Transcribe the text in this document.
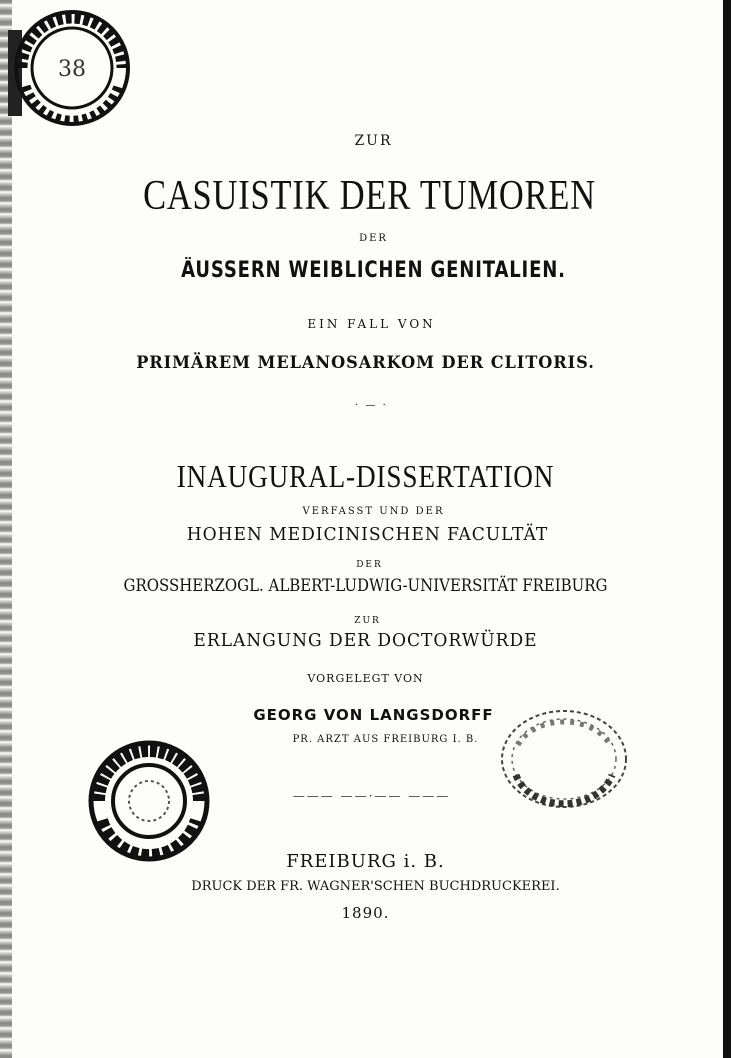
38
ZUR
CASUISTIK DER TUMOREN
DER
ÄUSSERN WEIBLICHEN GENITALIEN.
EIN FALL VON
PRIMÄREM MELANOSARKOM DER CLITORIS.
· — ·
INAUGURAL-DISSERTATION
VERFASST UND DER
HOHEN MEDICINISCHEN FACULTÄT
DER
GROSSHERZOGL. ALBERT-LUDWIG-UNIVERSITÄT FREIBURG
ZUR
ERLANGUNG DER DOCTORWÜRDE
VORGELEGT VON
GEORG VON LANGSDORFF
PR. ARZT AUS FREIBURG I. B.
——— ——·—— ———
FREIBURG i. B.
DRUCK DER FR. WAGNER'SCHEN BUCHDRUCKEREI.
1890.
